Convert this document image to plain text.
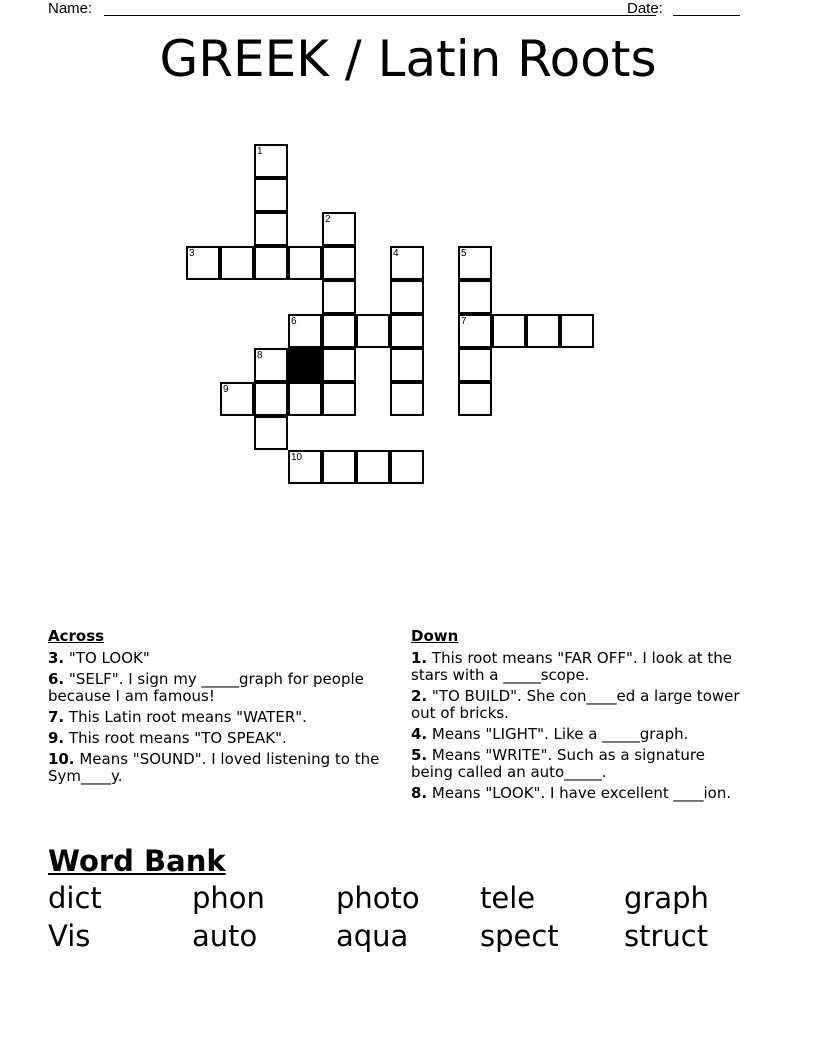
Name:	Date:
GREEK / Latin Roots
1
2
3	4	5
7
6
8
9
10
Across
3. "TO LOOK"
6. "SELF". I sign my _____graph for people because I am famous!
7. This Latin root means "WATER".
9. This root means "TO SPEAK".
10. Means "SOUND". I loved listening to the Sym____y.
Down
1. This root means "FAR OFF". I look at the stars with a _____scope.
2. "TO BUILD". She con____ed a large tower out of bricks.
4. Means "LIGHT". Like a _____graph.
5. Means "WRITE". Such as a signature being called an auto_____.
8. Means "LOOK". I have excellent ____ion.
Word Bank
dict	phon	photo	tele	graph
Vis	auto	aqua	spect	struct
